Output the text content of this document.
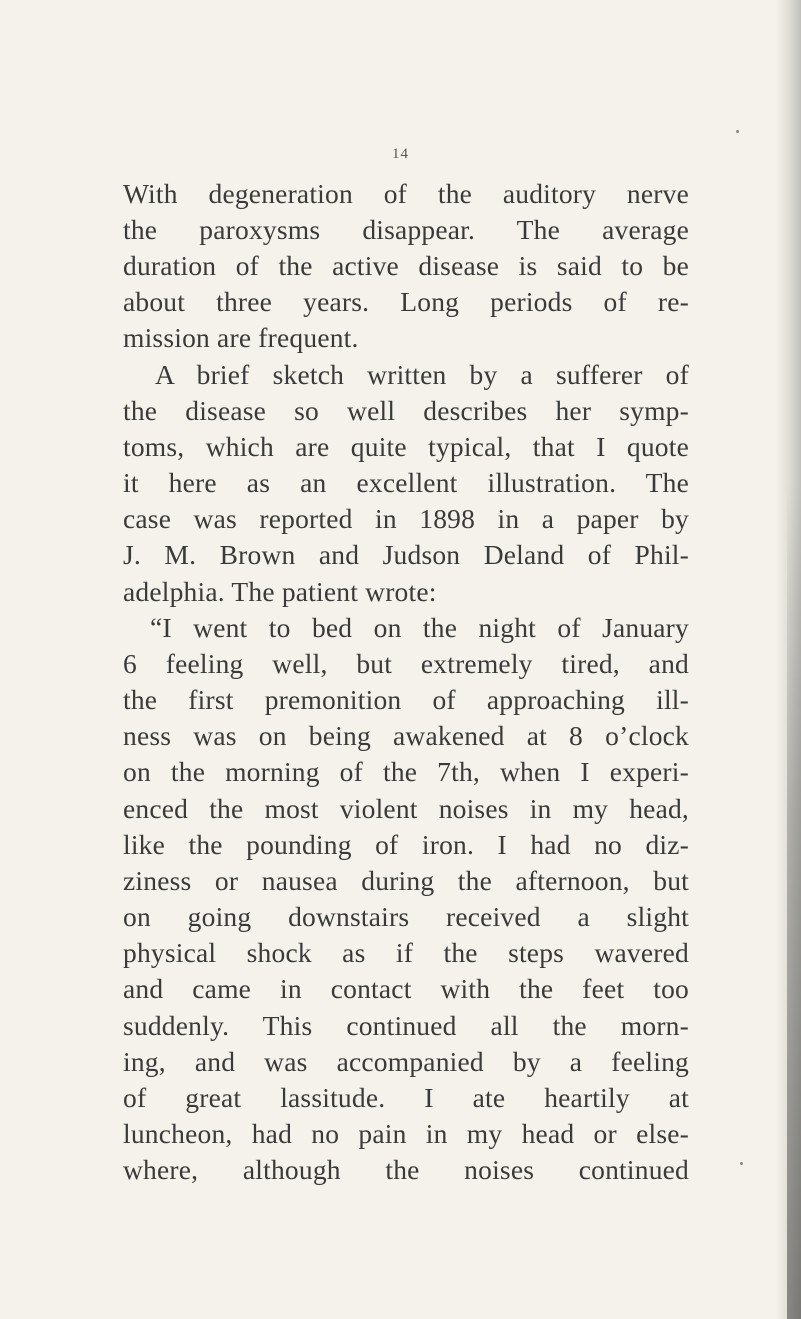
14
With degeneration of the auditory nerve
the paroxysms disappear. The average
duration of the active disease is said to be
about three years. Long periods of re-
mission are frequent.
A brief sketch written by a sufferer of
the disease so well describes her symp-
toms, which are quite typical, that I quote
it here as an excellent illustration. The
case was reported in 1898 in a paper by
J. M. Brown and Judson Deland of Phil-
adelphia. The patient wrote:
“I went to bed on the night of January
6 feeling well, but extremely tired, and
the first premonition of approaching ill-
ness was on being awakened at 8 o’clock
on the morning of the 7th, when I experi-
enced the most violent noises in my head,
like the pounding of iron. I had no diz-
ziness or nausea during the afternoon, but
on going downstairs received a slight
physical shock as if the steps wavered
and came in contact with the feet too
suddenly. This continued all the morn-
ing, and was accompanied by a feeling
of great lassitude. I ate heartily at
luncheon, had no pain in my head or else-
where, although the noises continued
